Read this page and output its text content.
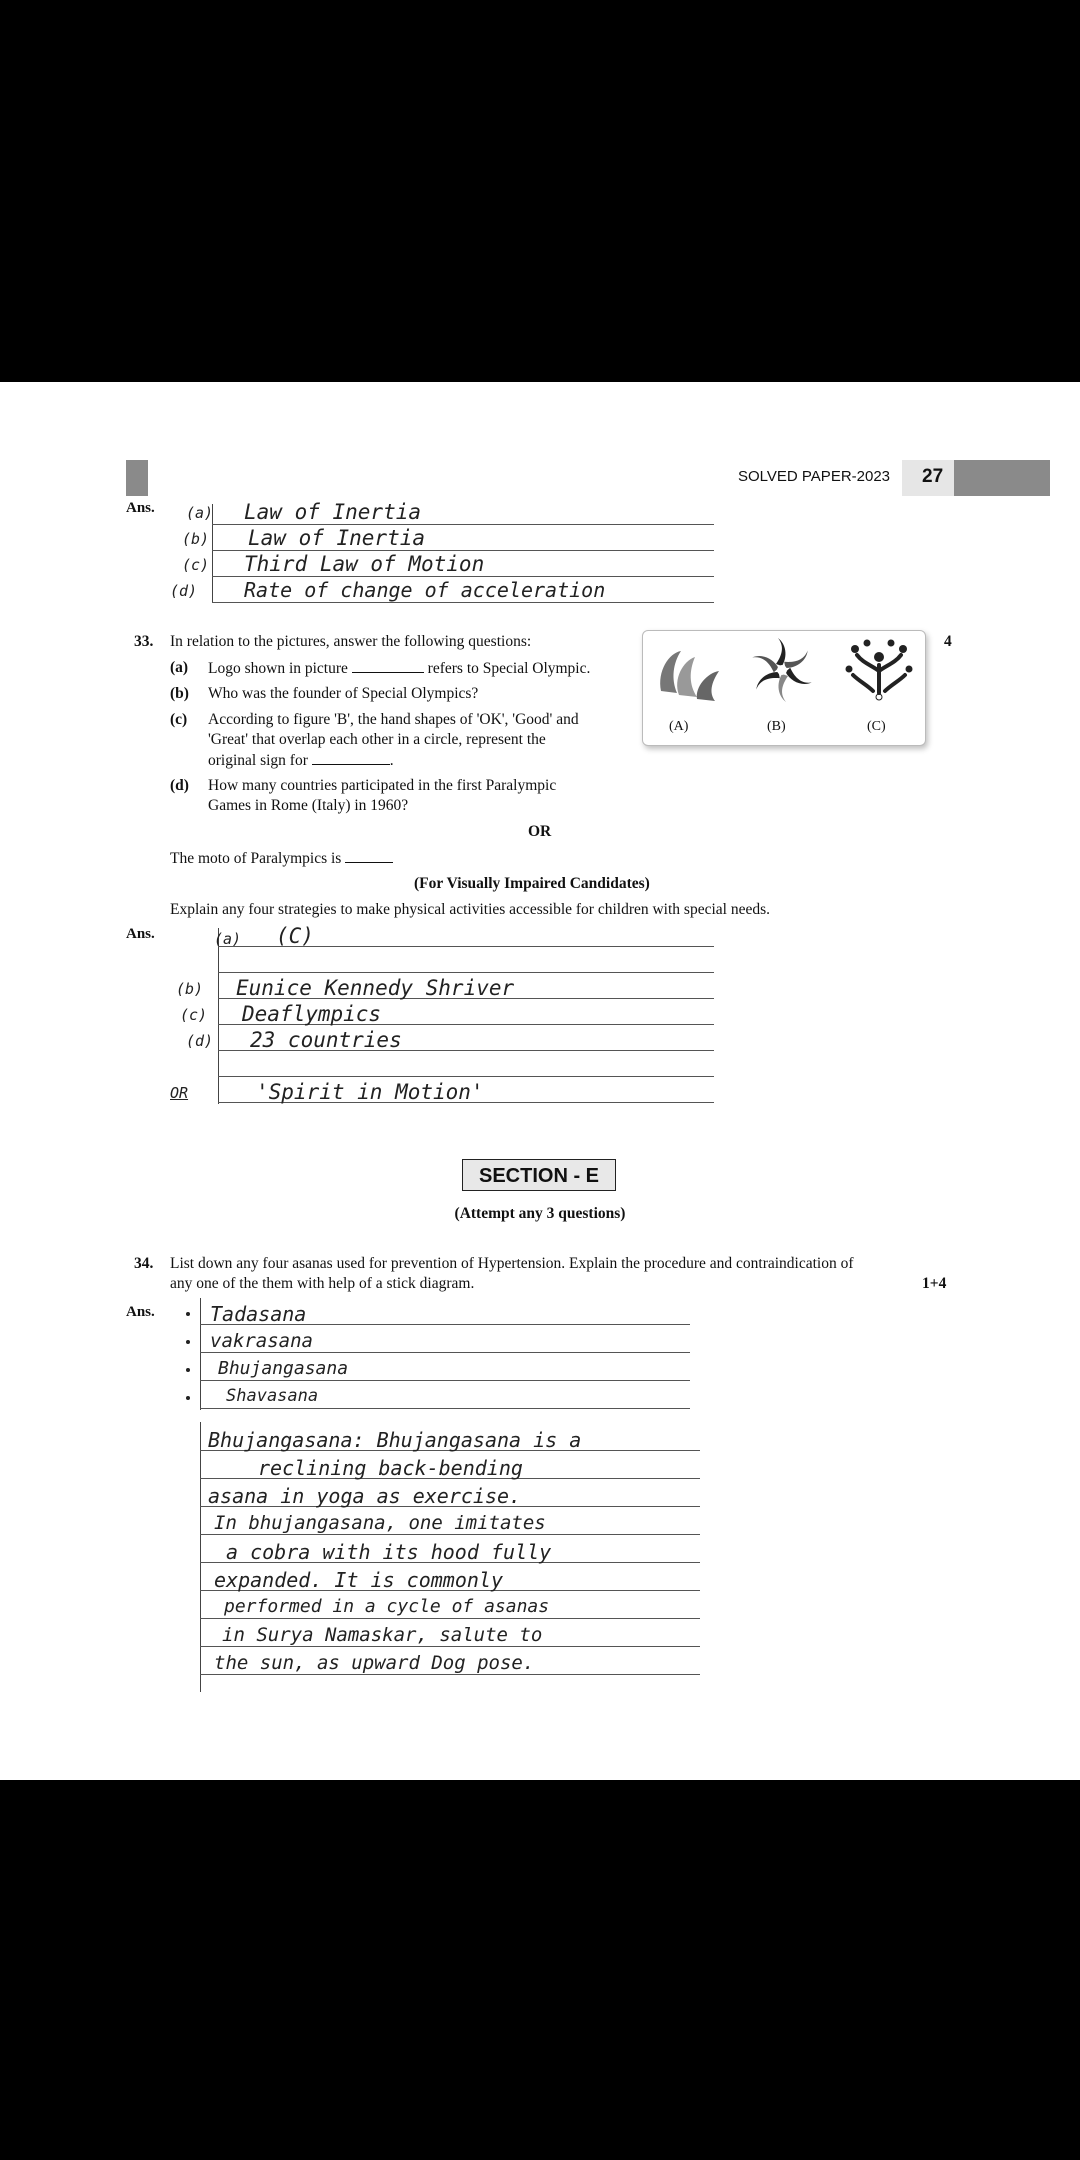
SOLVED PAPER-2023 27
Ans. (a) Law of Inertia
(b) Law of Inertia
(c) Third Law of Motion
(d) Rate of change of acceleration
33. In relation to the pictures, answer the following questions:	4
(a) Logo shown in picture	refers to Special Olympic.
(b) Who was the founder of Special Olympics?
(c) According to figure 'B', the hand shapes of 'OK', 'Good' and
'Great' that overlap each other in a circle, represent the
original sign for	.
(d) How many countries participated in the first Paralympic
Games in Rome (Italy) in 1960?
(A)	(B)	(C)
OR
The moto of Paralympics is
(For Visually Impaired Candidates)
Explain any four strategies to make physical activities accessible for children with special needs.
Ans.	(a) (C)
(b) Eunice Kennedy Shriver
(c) Deaflympics
(d) 23 countries
OR	'Spirit in Motion'
SECTION - E
(Attempt any 3 questions)
34. List down any four asanas used for prevention of Hypertension. Explain the procedure and contraindication of
any one of the them with help of a stick diagram.	1+4
Ans.	Tadasana
vakrasana
Bhujangasana
Shavasana
Bhujangasana: Bhujangasana is a
reclining back-bending
asana in yoga as exercise.
In bhujangasana, one imitates
a cobra with its hood fully
expanded. It is commonly
performed in a cycle of asanas
in Surya Namaskar, salute to
the sun, as upward Dog pose.
